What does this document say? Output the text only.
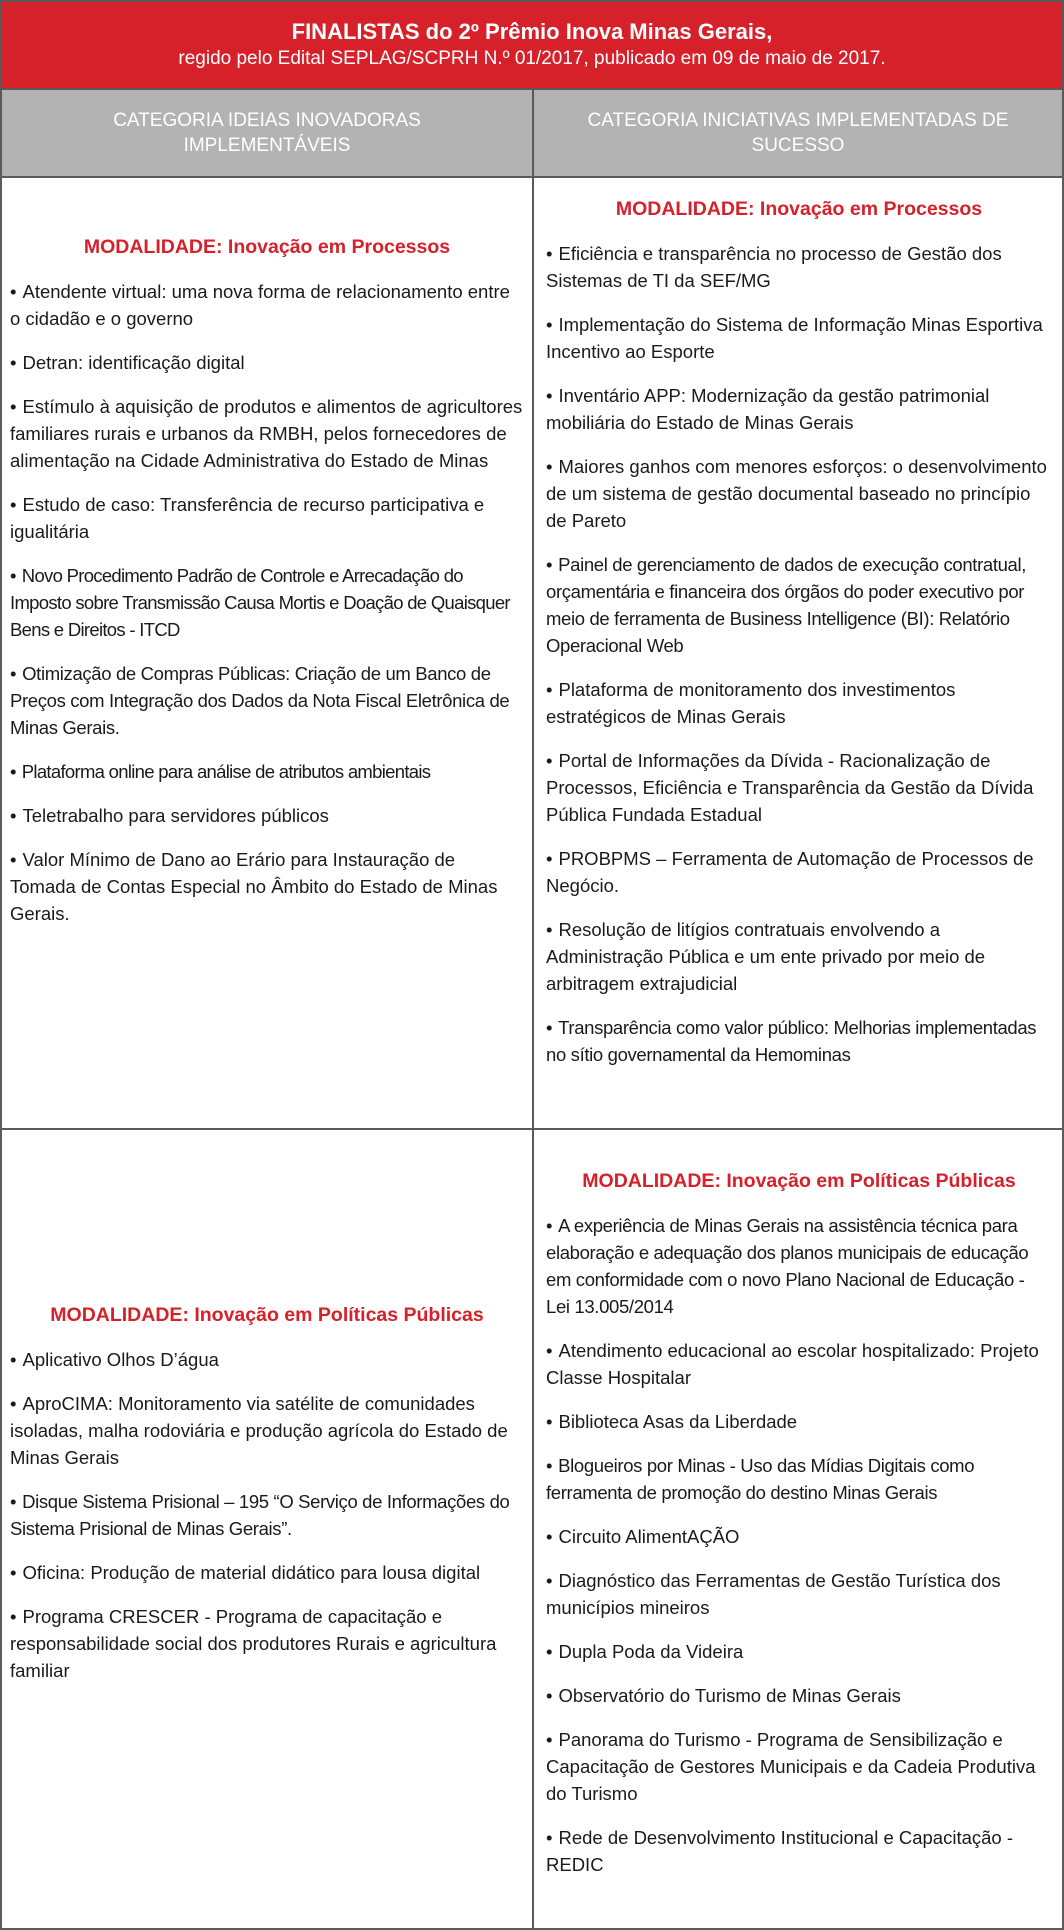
FINALISTAS do 2º Prêmio Inova Minas Gerais,
regido pelo Edital SEPLAG/SCPRH N.º 01/2017, publicado em 09 de maio de 2017.
CATEGORIA IDEIAS INOVADORAS IMPLEMENTÁVEIS
CATEGORIA INICIATIVAS IMPLEMENTADAS DE SUCESSO
MODALIDADE: Inovação em Processos
• Atendente virtual: uma nova forma de relacionamento entre o cidadão e o governo
• Detran: identificação digital
• Estímulo à aquisição de produtos e alimentos de agricultores familiares rurais e urbanos da RMBH, pelos fornecedores de alimentação na Cidade Administrativa do Estado de Minas
• Estudo de caso: Transferência de recurso participativa e igualitária
• Novo Procedimento Padrão de Controle e Arrecadação do Imposto sobre Transmissão Causa Mortis e Doação de Quaisquer Bens e Direitos - ITCD
• Otimização de Compras Públicas: Criação de um Banco de Preços com Integração dos Dados da Nota Fiscal Eletrônica de Minas Gerais.
• Plataforma online para análise de atributos ambientais
• Teletrabalho para servidores públicos
• Valor Mínimo de Dano ao Erário para Instauração de Tomada de Contas Especial no Âmbito do Estado de Minas Gerais.
MODALIDADE: Inovação em Processos
• Eficiência e transparência no processo de Gestão dos Sistemas de TI da SEF/MG
• Implementação do Sistema de Informação Minas Esportiva Incentivo ao Esporte
• Inventário APP: Modernização da gestão patrimonial mobiliária do Estado de Minas Gerais
• Maiores ganhos com menores esforços: o desenvolvimento de um sistema de gestão documental baseado no princípio de Pareto
• Painel de gerenciamento de dados de execução contratual, orçamentária e financeira dos órgãos do poder executivo por meio de ferramenta de Business Intelligence (BI): Relatório Operacional Web
• Plataforma de monitoramento dos investimentos estratégicos de Minas Gerais
• Portal de Informações da Dívida - Racionalização de Processos, Eficiência e Transparência da Gestão da Dívida Pública Fundada Estadual
• PROBPMS – Ferramenta de Automação de Processos de Negócio.
• Resolução de litígios contratuais envolvendo a Administração Pública e um ente privado por meio de arbitragem extrajudicial
• Transparência como valor público: Melhorias implementadas no sítio governamental da Hemominas
MODALIDADE: Inovação em Políticas Públicas
• Aplicativo Olhos D’água
• AproCIMA: Monitoramento via satélite de comunidades isoladas, malha rodoviária e produção agrícola do Estado de Minas Gerais
• Disque Sistema Prisional – 195 “O Serviço de Informações do Sistema Prisional de Minas Gerais”.
• Oficina: Produção de material didático para lousa digital
• Programa CRESCER - Programa de capacitação e responsabilidade social dos produtores Rurais e agricultura familiar
MODALIDADE: Inovação em Políticas Públicas
• A experiência de Minas Gerais na assistência técnica para elaboração e adequação dos planos municipais de educação em conformidade com o novo Plano Nacional de Educação - Lei 13.005/2014
• Atendimento educacional ao escolar hospitalizado: Projeto Classe Hospitalar
• Biblioteca Asas da Liberdade
• Blogueiros por Minas - Uso das Mídias Digitais como ferramenta de promoção do destino Minas Gerais
• Circuito AlimentAÇÃO
• Diagnóstico das Ferramentas de Gestão Turística dos municípios mineiros
• Dupla Poda da Videira
• Observatório do Turismo de Minas Gerais
• Panorama do Turismo - Programa de Sensibilização e Capacitação de Gestores Municipais e da Cadeia Produtiva do Turismo
• Rede de Desenvolvimento Institucional e Capacitação - REDIC
